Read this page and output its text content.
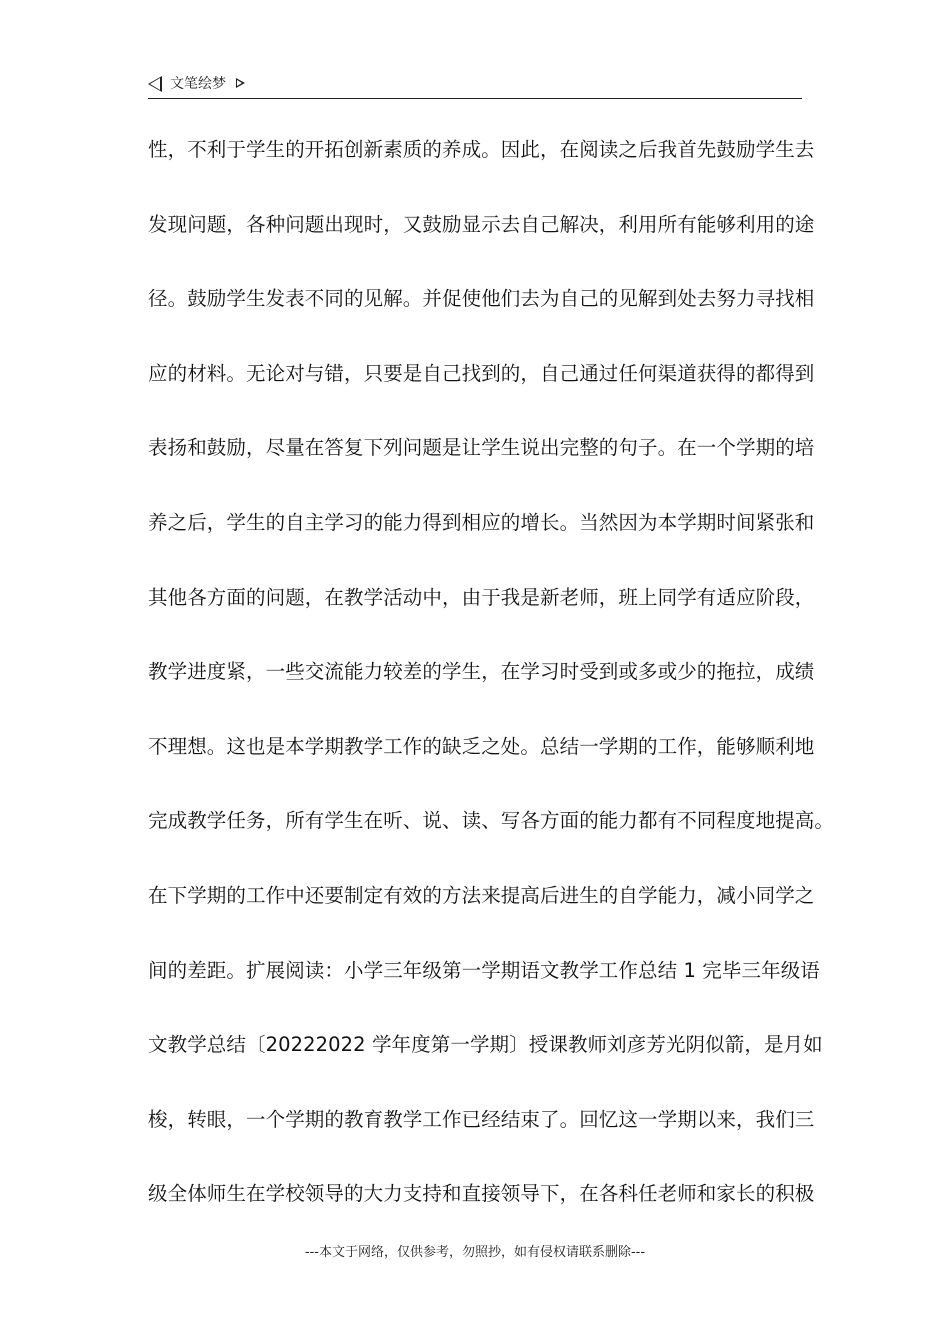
文笔绘梦
性，不利于学生的开拓创新素质的养成。因此，在阅读之后我首先鼓励学生去
发现问题，各种问题出现时，又鼓励显示去自己解决，利用所有能够利用的途
径。鼓励学生发表不同的见解。并促使他们去为自己的见解到处去努力寻找相
应的材料。无论对与错，只要是自己找到的，自己通过任何渠道获得的都得到
表扬和鼓励，尽量在答复下列问题是让学生说出完整的句子。在一个学期的培
养之后，学生的自主学习的能力得到相应的增长。当然因为本学期时间紧张和
其他各方面的问题，在教学活动中，由于我是新老师，班上同学有适应阶段，
教学进度紧，一些交流能力较差的学生，在学习时受到或多或少的拖拉，成绩
不理想。这也是本学期教学工作的缺乏之处。总结一学期的工作，能够顺利地
完成教学任务，所有学生在听、说、读、写各方面的能力都有不同程度地提高。
在下学期的工作中还要制定有效的方法来提高后进生的自学能力，减小同学之
间的差距。扩展阅读：小学三年级第一学期语文教学工作总结 1 完毕三年级语
文教学总结〔20222022 学年度第一学期〕授课教师刘彦芳光阴似箭，是月如
梭，转眼，一个学期的教育教学工作已经结束了。回忆这一学期以来，我们三
级全体师生在学校领导的大力支持和直接领导下，在各科任老师和家长的积极
---本文于网络，仅供参考，勿照抄，如有侵权请联系删除---
